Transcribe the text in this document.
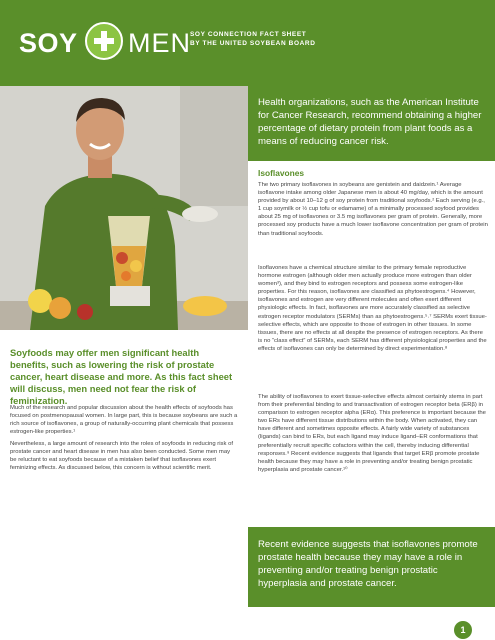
SOY MEN SOY CONNECTION FACT SHEET
BY THE UNITED SOYBEAN BOARD

Health organizations, such as the American Institute for Cancer Research, recommend obtaining a higher percentage of dietary protein from plant foods as a means of reducing cancer risk.

Isoflavones

The two primary isoflavones in soybeans are genistein and daidzein.¹ Average isoflavone intake among older Japanese men is about 40 mg/day, which is the amount provided by about 10–12 g of soy protein from traditional soyfoods.² Each serving (e.g., 1 cup soymilk or ½ cup tofu or edamame) of a minimally processed soyfood provides about 25 mg of isoflavones or 3.5 mg isoflavones per gram of protein. Generally, more processed soy products have a much lower isoflavone concentration per gram of protein than traditional soyfoods.

Isoflavones have a chemical structure similar to the primary female reproductive hormone estrogen (although older men actually produce more estrogen than older women³), and they bind to estrogen receptors and possess some estrogen-like properties. For this reason, isoflavones are classified as phytoestrogens.⁴ However, isoflavones and estrogen are very different molecules and often exert different physiologic effects. In fact, isoflavones are more accurately classified as selective estrogen receptor modulators (SERMs) than as phytoestrogens.⁵˒⁷ SERMs exert tissue-selective effects, which are opposite to those of estrogen in other tissues. In some tissues, there are no effects at all despite the presence of estrogen receptors. As there is no “class effect” of SERMs, each SERM has different physiological properties and the effects of isoflavones can only be determined by direct experimentation.⁸

The ability of isoflavones to exert tissue-selective effects almost certainly stems in part from their preferential binding to and transactivation of estrogen receptor beta (ERβ) in comparison to estrogen receptor alpha (ERα). This preference is important because the two ERs have different tissue distributions within the body. When activated, they can have different and sometimes opposite effects. A fairly wide variety of substances (ligands) can bind to ERs, but each ligand may induce ligand–ER conformations that preferentially recruit specific cofactors within the cell, thereby inducing differential responses.⁹ Recent evidence suggests that ligands that target ERβ promote prostate health because they may have a role in preventing and/or treating benign prostatic hyperplasia and prostate cancer.¹⁰

Soyfoods may offer men significant health benefits, such as lowering the risk of prostate cancer, heart disease and more. As this fact sheet will discuss, men need not fear the risk of feminization.

Much of the research and popular discussion about the health effects of soyfoods has focused on postmenopausal women. In large part, this is because soybeans are such a rich source of isoflavones, a group of naturally-occurring plant chemicals that possess estrogen-like properties.¹

Nevertheless, a large amount of research into the roles of soyfoods in reducing risk of prostate cancer and heart disease in men has also been conducted. Some men may be reluctant to eat soyfoods because of a mistaken belief that isoflavones exert feminizing effects. As discussed below, this concern is without scientific merit.

Recent evidence suggests that isoflavones promote prostate health because they may have a role in preventing and/or treating benign prostatic hyperplasia and prostate cancer.

1
